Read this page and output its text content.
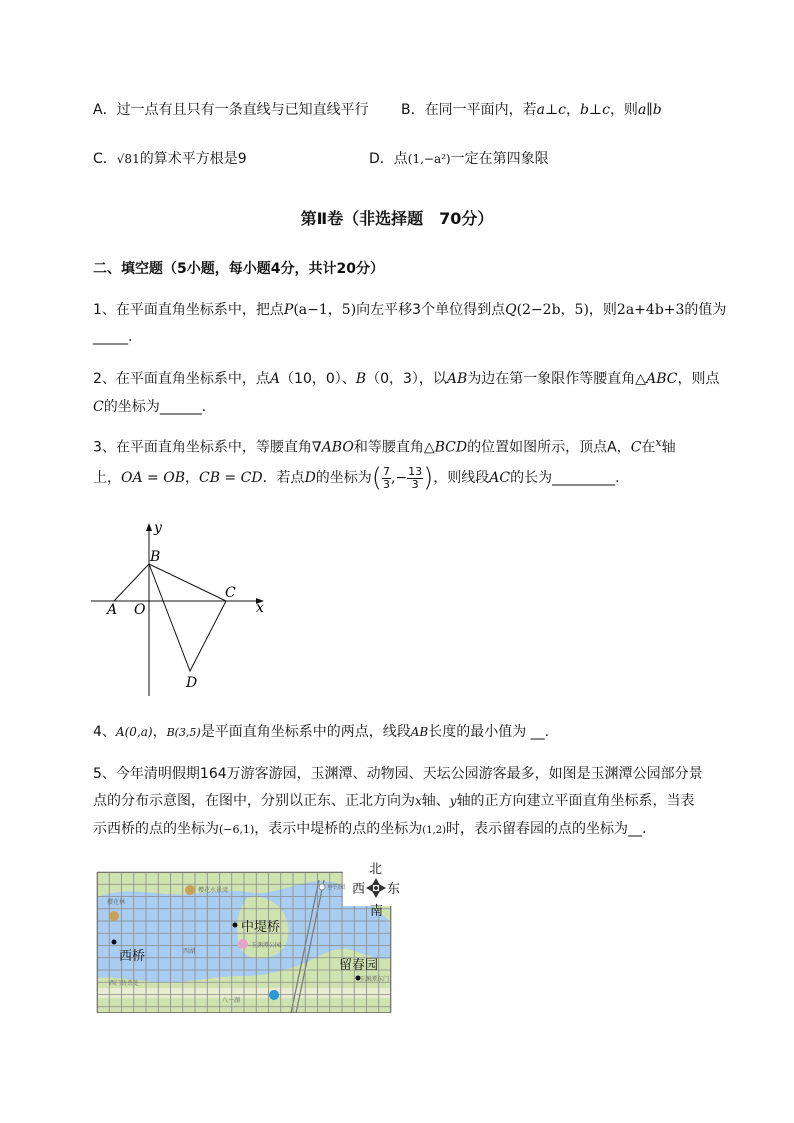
A．过一点有且只有一条直线与已知直线平行 B．在同一平面内，若a⊥c，b⊥c，则a∥b
C．√81的算术平方根是9	D．点(1,−a²)一定在第四象限
第Ⅱ卷（非选择题　70分）
二、填空题（5小题，每小题4分，共计20分）
1、在平面直角坐标系中，把点P(a−1，5)向左平移3个单位得到点Q(2−2b，5)，则2a+4b+3的值为
_____.
2、在平面直角坐标系中，点A（10，0）、B（0，3），以AB为边在第一象限作等腰直角△ABC，则点
C的坐标为______.
3、在平面直角坐标系中，等腰直角∇ABO和等腰直角△BCD的位置如图所示，顶点A，C在$^x$轴
上，OA = OB，CB = CD．若点D的坐标为( $\frac{7}{3}$ ,− $\frac{13}{3}$ )，则线段AC的长为_________.
y
B
A O
C
x
D
4、A(0,a)，B(3,5)是平面直角坐标系中的两点，线段AB长度的最小值为 __.
5、今年清明假期164万游客游园，玉渊潭、动物园、天坛公园游客最多，如图是玉渊潭公园部分景
点的分布示意图，在图中，分别以正东、正北方向为x轴、y轴的正方向建立平面直角坐标系，当表
示西桥的点的坐标为(−6,1)，表示中堤桥的点的坐标为(1,2)时，表示留春园的点的坐标为__.
北
南
东
西
西桥
中堤桥
留春园
樱花水景湾
樱花林
西湖
玉渊潭公园
垂钓园
西门售票处
玉渊潭东门
八一湖
